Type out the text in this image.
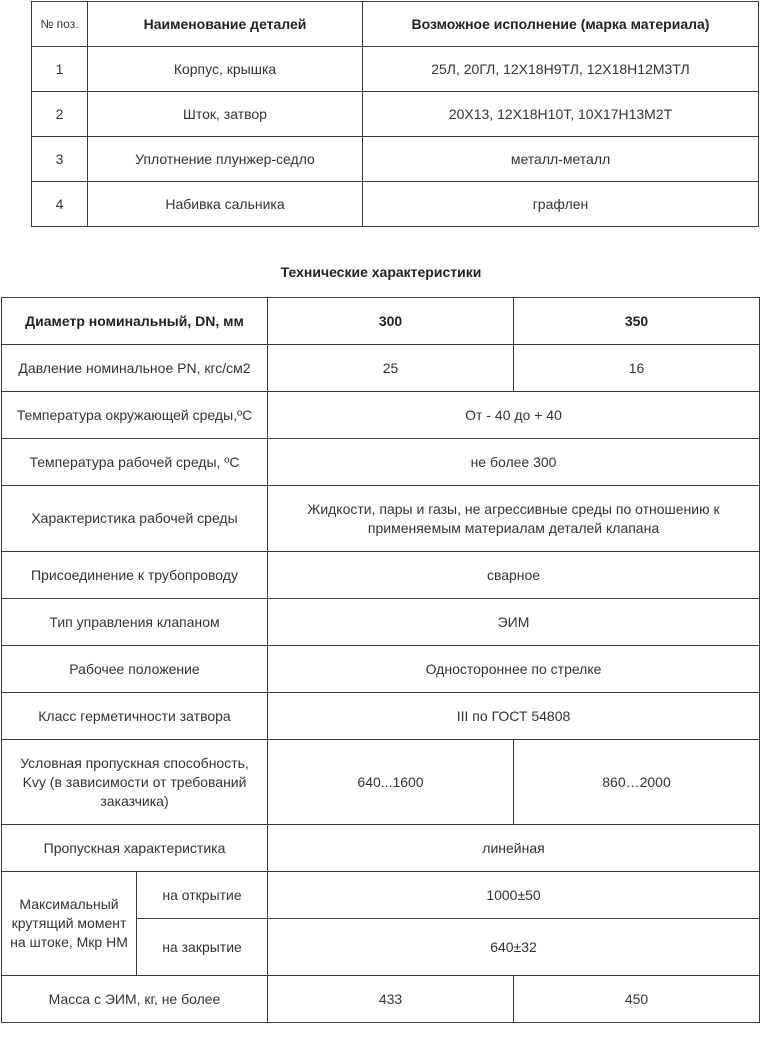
№ поз.	Наименование деталей	Возможное исполнение (марка материала)
1	Корпус, крышка	25Л, 20ГЛ, 12Х18Н9ТЛ, 12Х18Н12М3ТЛ
2	Шток, затвор	20Х13, 12Х18Н10Т, 10Х17Н13М2Т
3	Уплотнение плунжер-седло	металл-металл
4	Набивка сальника	графлен
Технические характеристики
Диаметр номинальный, DN, мм		300	350
Давление номинальное PN, кгс/см2		25	16
Температура окружающей среды,ºС		От - 40 до + 40	
Температура рабочей среды, ºС		не более 300	
Характеристика рабочей среды		Жидкости, пары и газы, не агрессивные среды по отношению к применяемым материалам деталей клапана	
Присоединение к трубопроводу		сварное	
Тип управления клапаном		ЭИМ	
Рабочее положение		Одностороннее по стрелке	
Класс герметичности затвора		ІІІ по ГОСТ 54808	
Условная пропускная способность, Kvy (в зависимости от требований заказчика)		640...1600	860…2000
Пропускная характеристика		линейная	
Максимальный крутящий момент на штоке, Мкр НМ	на открытие	1000±50	
	на закрытие	640±32	
Масса с ЭИМ, кг, не более		433	450
